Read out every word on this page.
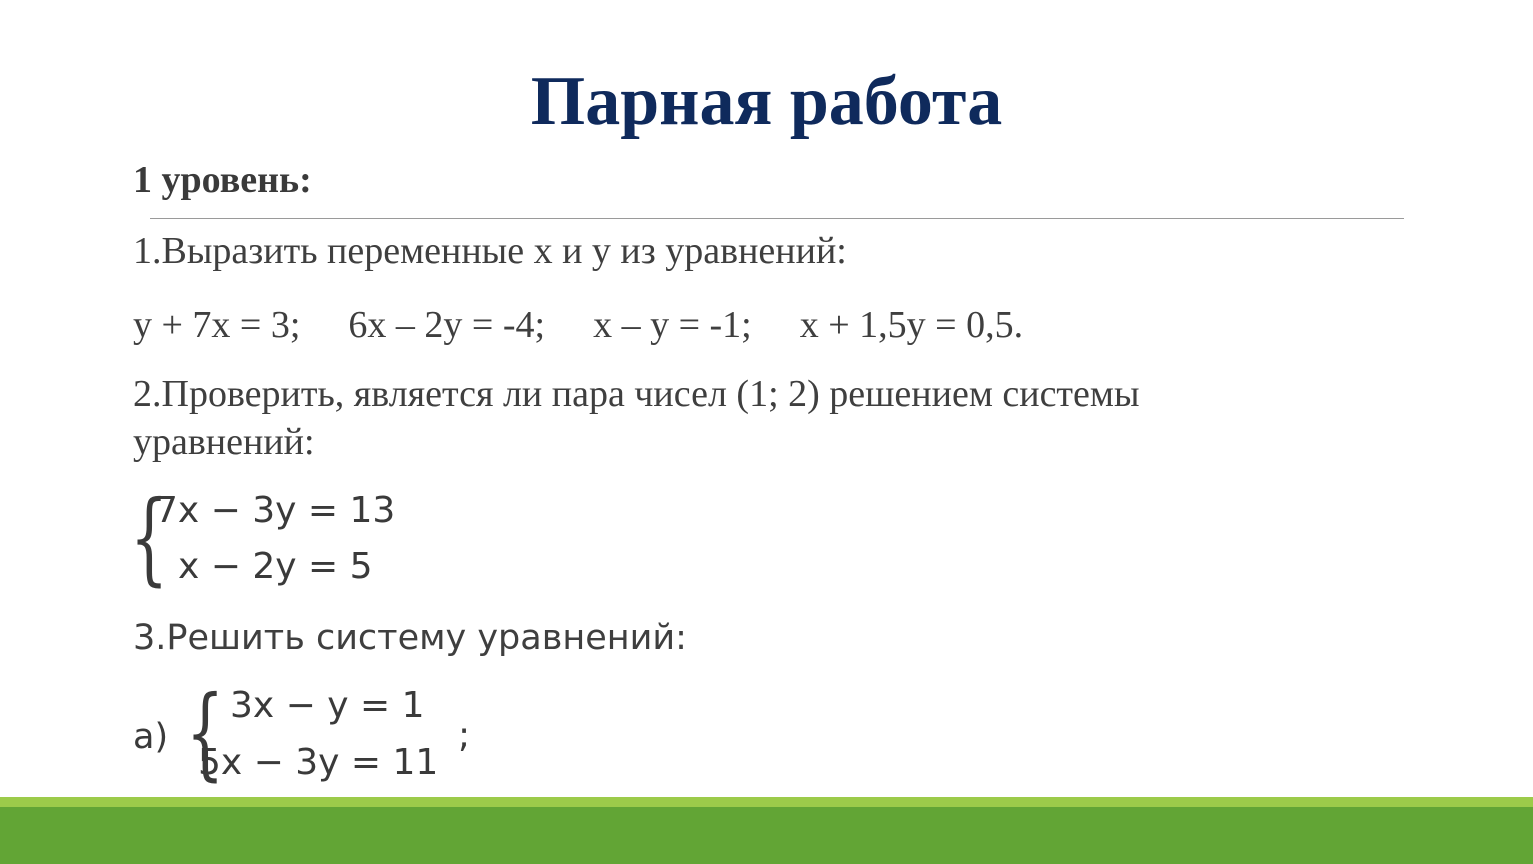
Парная работа
1 уровень:
1.Выразить переменные х и у из уравнений:
у + 7х = 3; 6х – 2у = -4; х – у = -1; х + 1,5у = 0,5.
2.Проверить, является ли пара чисел (1; 2) решением системы
уравнений:
{
7x − 3y = 13
x − 2y = 5
3.Решить систему уравнений:
а) { 3x − y = 1
5x − 3y = 11
;
